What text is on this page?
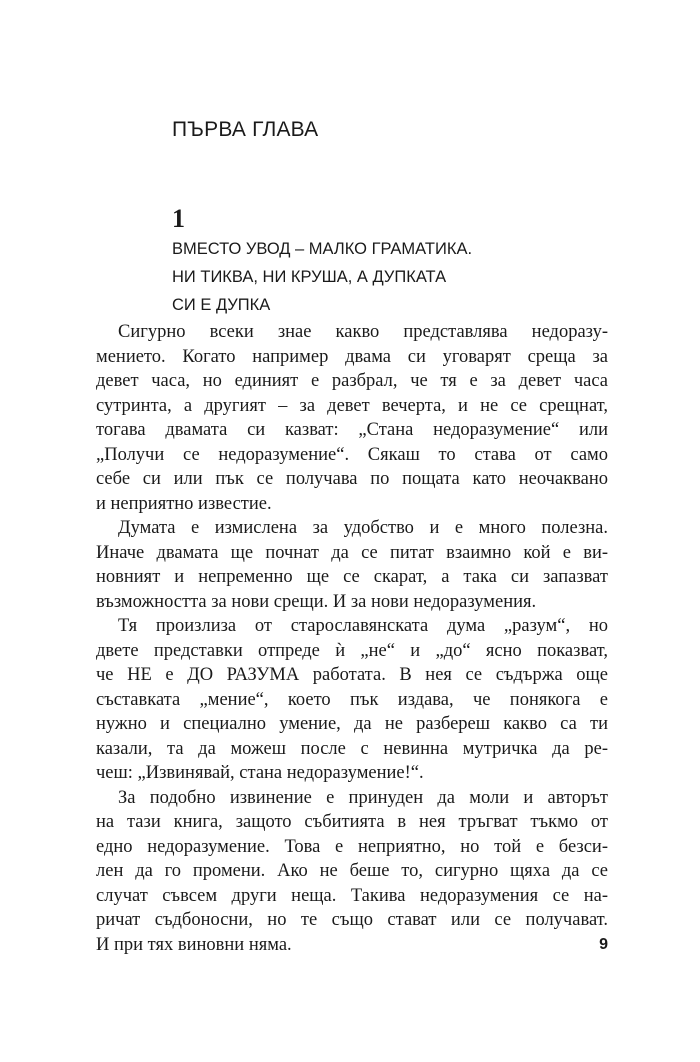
ПЪРВА ГЛАВА
1
ВМЕСТО УВОД – МАЛКО ГРАМАТИКА.
НИ ТИКВА, НИ КРУША, А ДУПКАТА
СИ Е ДУПКА
Сигурно всеки знае какво представлява недоразу-
мението. Когато например двама си уговарят среща за
девет часа, но единият е разбрал, че тя е за девет часа
сутринта, а другият – за девет вечерта, и не се срещнат,
тогава двамата си казват: „Стана недоразумение“ или
„Получи се недоразумение“. Сякаш то става от само
себе си или пък се получава по пощата като неочаквано
и неприятно известие.
Думата е измислена за удобство и е много полезна.
Иначе двамата ще почнат да се питат взаимно кой е ви-
новният и непременно ще се скарат, а така си запазват
възможността за нови срещи. И за нови недоразумения.
Тя произлиза от старославянската дума „разум“, но
двете представки отпреде ѝ „не“ и „до“ ясно показват,
че НЕ е ДО РАЗУМА работата. В нея се съдържа още
съставката „мение“, което пък издава, че понякога е
нужно и специално умение, да не разбереш какво са ти
казали, та да можеш после с невинна мутричка да ре-
чеш: „Извинявай, стана недоразумение!“.
За подобно извинение е принуден да моли и авторът
на тази книга, защото събитията в нея тръгват тъкмо от
едно недоразумение. Това е неприятно, но той е безси-
лен да го промени. Ако не беше то, сигурно щяха да се
случат съвсем други неща. Такива недоразумения се на-
ричат съдбоносни, но те също стават или се получават.
И при тях виновни няма.	9
